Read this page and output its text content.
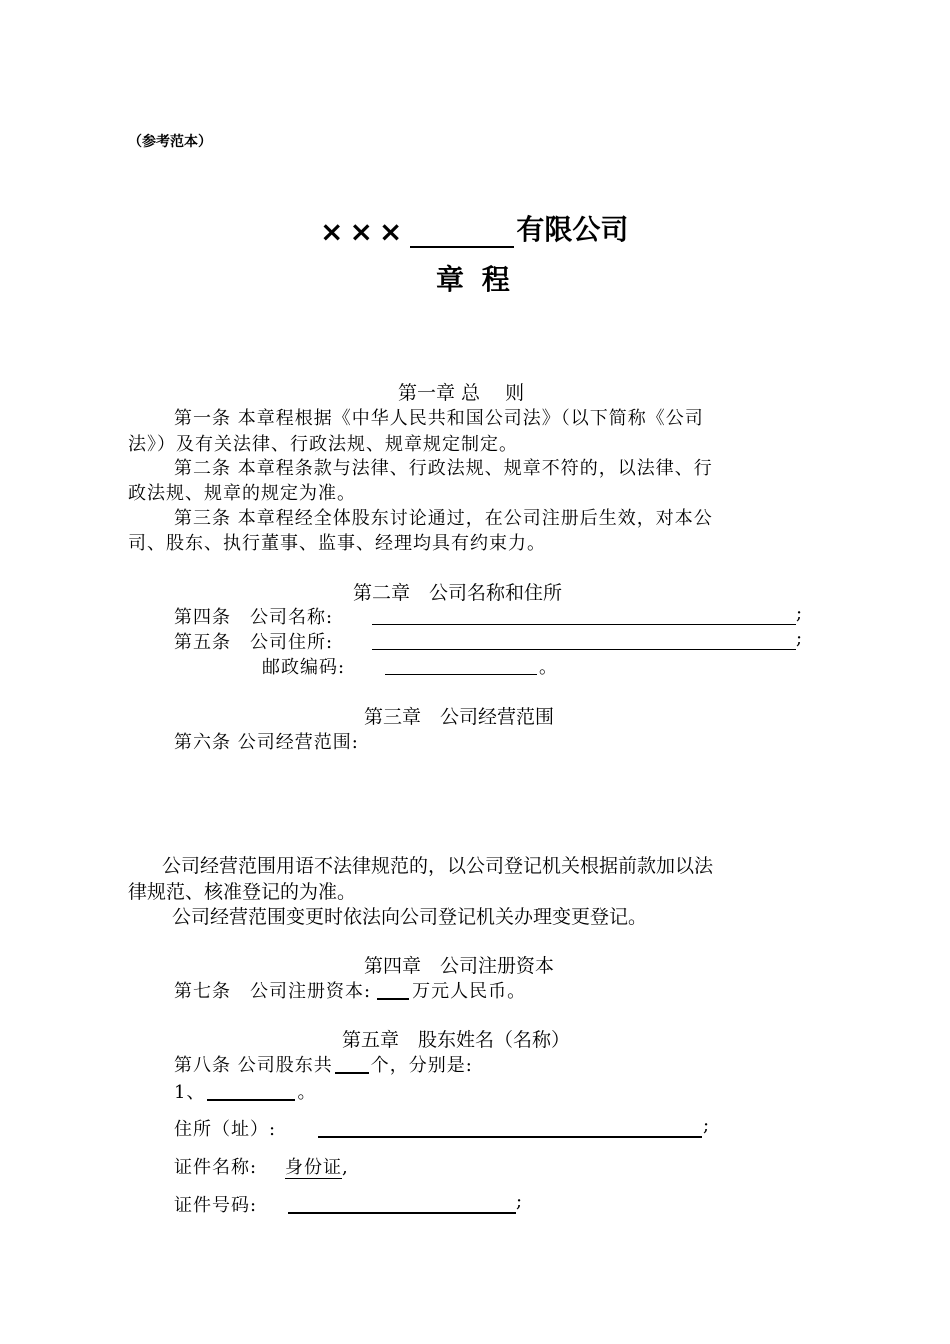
（参考范本）
×××	有限公司
章 程
第一章 总　 则
第一条 本章程根据《中华人民共和国公司法》（以下简称《公司
法》）及有关法律、行政法规、规章规定制定。
第二条 本章程条款与法律、行政法规、规章不符的，以法律、行
政法规、规章的规定为准。
第三条 本章程经全体股东讨论通过，在公司注册后生效，对本公
司、股东、执行董事、监事、经理均具有约束力。
第二章　公司名称和住所
第四条　公司名称:	;
第五条　公司住所:	;
邮政编码:	。
第三章　公司经营范围
第六条 公司经营范围:
公司经营范围用语不法律规范的，以公司登记机关根据前款加以法
律规范、核准登记的为准。
公司经营范围变更时依法向公司登记机关办理变更登记。
第四章　公司注册资本
第七条　公司注册资本: 万元人民币。
第五章　股东姓名（名称）
第八条 公司股东共 个，分别是:
1、	。
住所（址）:	;
证件名称: 身份证,
证件号码:	;
